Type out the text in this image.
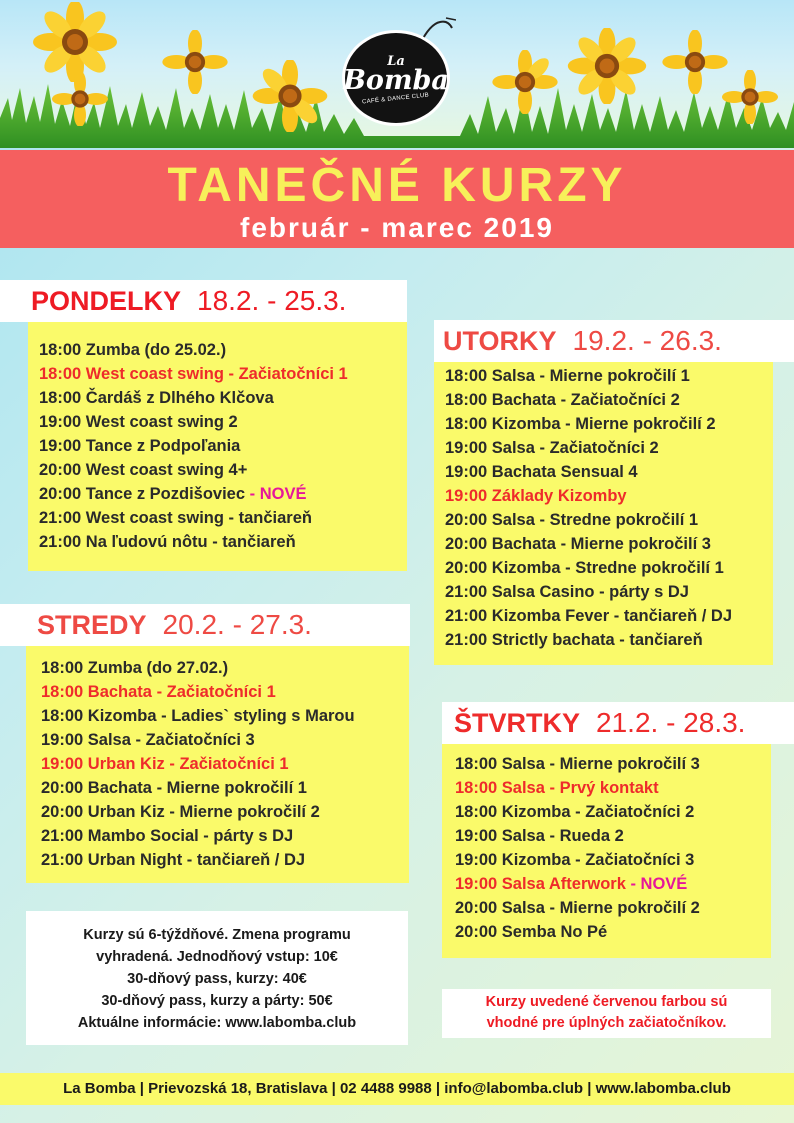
La
Bomba
CAFÉ & DANCE CLUB
TANEČNÉ KURZY
február - marec 2019
PONDELKY 18.2. - 25.3.
18:00 Zumba (do 25.02.)
18:00 West coast swing - Začiatočníci 1
18:00 Čardáš z Dlhého Klčova
19:00 West coast swing 2
19:00 Tance z Podpoľania
20:00 West coast swing 4+
20:00 Tance z Pozdišoviec - NOVÉ
21:00 West coast swing - tančiareň
21:00 Na ľudovú nôtu - tančiareň
STREDY 20.2. - 27.3.
18:00 Zumba (do 27.02.)
18:00 Bachata - Začiatočníci 1
18:00 Kizomba - Ladies` styling s Marou
19:00 Salsa - Začiatočníci 3
19:00 Urban Kiz - Začiatočníci 1
20:00 Bachata - Mierne pokročilí 1
20:00 Urban Kiz - Mierne pokročilí 2
21:00 Mambo Social - párty s DJ
21:00 Urban Night - tančiareň / DJ
UTORKY 19.2. - 26.3.
18:00 Salsa - Mierne pokročilí 1
18:00 Bachata - Začiatočníci 2
18:00 Kizomba - Mierne pokročilí 2
19:00 Salsa - Začiatočníci 2
19:00 Bachata Sensual 4
19:00 Základy Kizomby
20:00 Salsa - Stredne pokročilí 1
20:00 Bachata - Mierne pokročilí 3
20:00 Kizomba - Stredne pokročilí 1
21:00 Salsa Casino - párty s DJ
21:00 Kizomba Fever - tančiareň / DJ
21:00 Strictly bachata - tančiareň
ŠTVRTKY 21.2. - 28.3.
18:00 Salsa - Mierne pokročilí 3
18:00 Salsa - Prvý kontakt
18:00 Kizomba - Začiatočníci 2
19:00 Salsa - Rueda 2
19:00 Kizomba - Začiatočníci 3
19:00 Salsa Afterwork - NOVÉ
20:00 Salsa - Mierne pokročilí 2
20:00 Semba No Pé
Kurzy sú 6-týždňové. Zmena programu
vyhradená. Jednodňový vstup: 10€
30-dňový pass, kurzy: 40€
30-dňový pass, kurzy a párty: 50€
Aktuálne informácie: www.labomba.club
Kurzy uvedené červenou farbou sú
vhodné pre úplných začiatočníkov.
La Bomba | Prievozská 18, Bratislava | 02 4488 9988 | info@labomba.club | www.labomba.club
